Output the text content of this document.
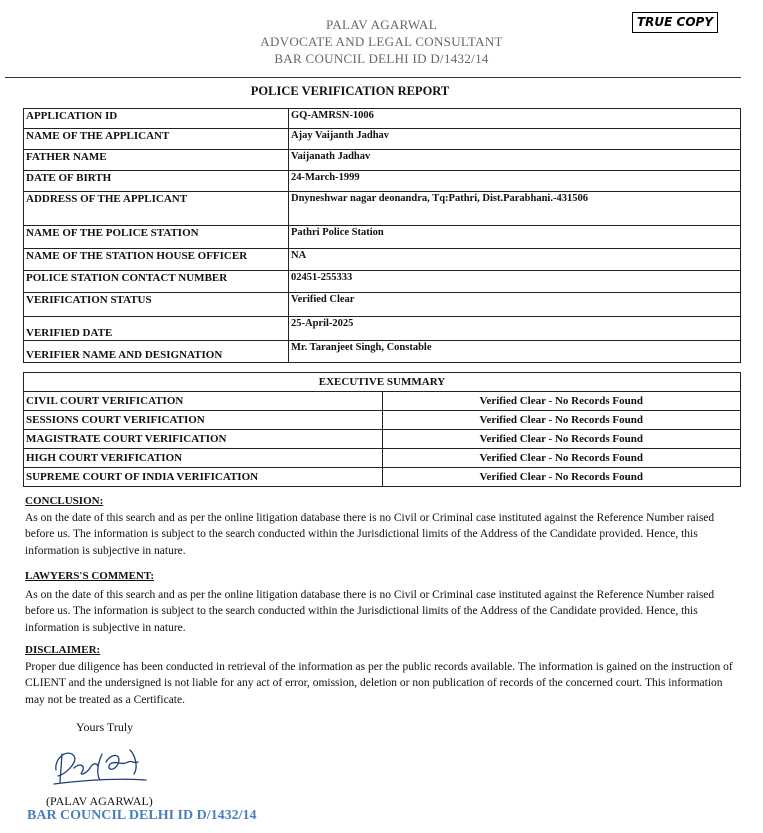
PALAV AGARWAL
ADVOCATE AND LEGAL CONSULTANT
BAR COUNCIL DELHI ID D/1432/14
TRUE COPY
POLICE VERIFICATION REPORT
APPLICATION ID	GQ-AMRSN-1006
NAME OF THE APPLICANT	Ajay Vaijanth Jadhav
FATHER NAME	Vaijanath Jadhav
DATE OF BIRTH	24-March-1999
ADDRESS OF THE APPLICANT	Dnyneshwar nagar deonandra, Tq:Pathri, Dist.Parabhani.-431506
NAME OF THE POLICE STATION	Pathri Police Station
NAME OF THE STATION HOUSE OFFICER	NA
POLICE STATION CONTACT NUMBER	02451-255333
VERIFICATION STATUS	Verified Clear
VERIFIED DATE	25-April-2025
VERIFIER NAME AND DESIGNATION	Mr. Taranjeet Singh, Constable
EXECUTIVE SUMMARY	
CIVIL COURT VERIFICATION	Verified Clear - No Records Found
SESSIONS COURT VERIFICATION	Verified Clear - No Records Found
MAGISTRATE COURT VERIFICATION	Verified Clear - No Records Found
HIGH COURT VERIFICATION	Verified Clear - No Records Found
SUPREME COURT OF INDIA VERIFICATION	Verified Clear - No Records Found
CONCLUSION:
As on the date of this search and as per the online litigation database there is no Civil or Criminal case instituted against the Reference Number raised before us. The information is subject to the search conducted within the Jurisdictional limits of the Address of the Candidate provided. Hence, this information is subjective in nature.
LAWYERS'S COMMENT:
As on the date of this search and as per the online litigation database there is no Civil or Criminal case instituted against the Reference Number raised before us. The information is subject to the search conducted within the Jurisdictional limits of the Address of the Candidate provided. Hence, this information is subjective in nature.
DISCLAIMER:
Proper due diligence has been conducted in retrieval of the information as per the public records available. The information is gained on the instruction of CLIENT and the undersigned is not liable for any act of error, omission, deletion or non publication of records of the concerned court. This information may not be treated as a Certificate.
Yours Truly
(PALAV AGARWAL)
BAR COUNCIL DELHI ID D/1432/14
